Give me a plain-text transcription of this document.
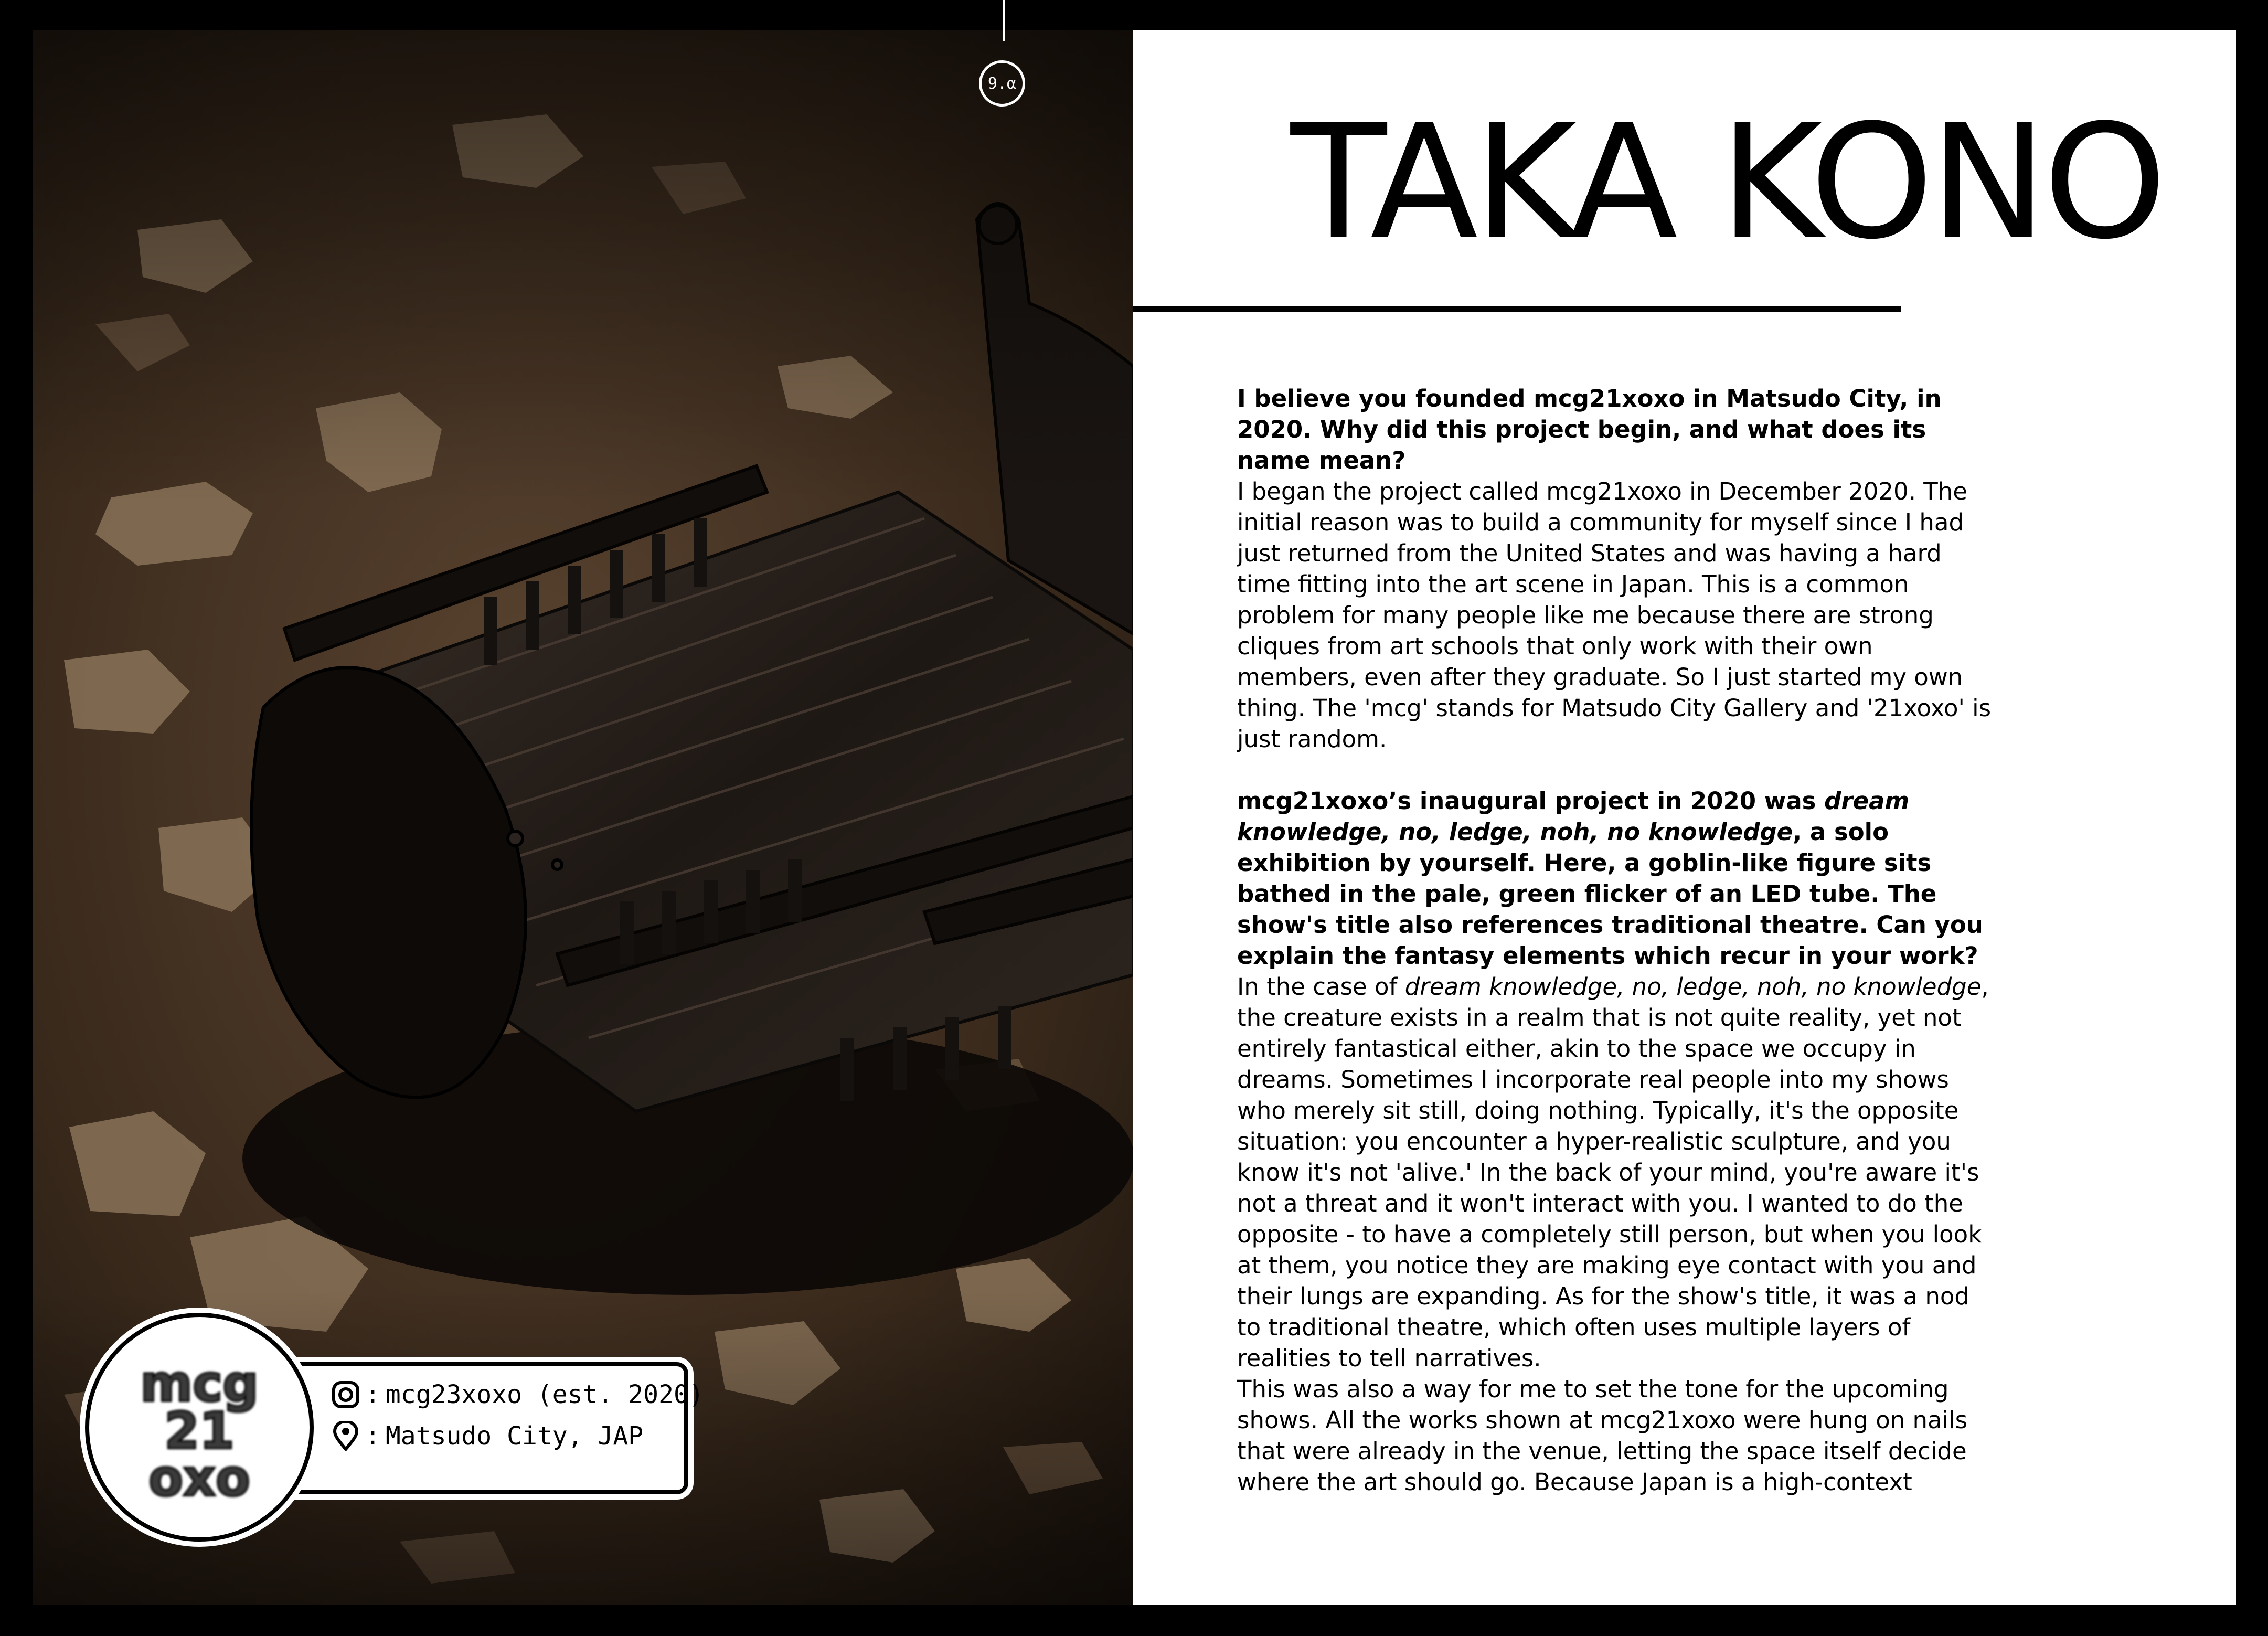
TAKA KONO

I believe you founded mcg21xoxo in Matsudo City, in 2020. Why did this project begin, and what does its name mean?

I began the project called mcg21xoxo in December 2020. The initial reason was to build a community for myself since I had just returned from the United States and was having a hard time fitting into the art scene in Japan. This is a common problem for many people like me because there are strong cliques from art schools that only work with their own members, even after they graduate. So I just started my own thing. The 'mcg' stands for Matsudo City Gallery and '21xoxo' is just random.

mcg21xoxo’s inaugural project in 2020 was dream knowledge, no, ledge, noh, no knowledge, a solo exhibition by yourself. Here, a goblin-like figure sits bathed in the pale, green flicker of an LED tube. The show's title also references traditional theatre. Can you explain the fantasy elements which recur in your work?

In the case of dream knowledge, no, ledge, noh, no knowledge, the creature exists in a realm that is not quite reality, yet not entirely fantastical either, akin to the space we occupy in dreams. Sometimes I incorporate real people into my shows who merely sit still, doing nothing. Typically, it's the opposite situation: you encounter a hyper-realistic sculpture, and you know it's not 'alive.' In the back of your mind, you're aware it's not a threat and it won't interact with you. I wanted to do the opposite - to have a completely still person, but when you look at them, you notice they are making eye contact with you and their lungs are expanding. As for the show's title, it was a nod to traditional theatre, which often uses multiple layers of realities to tell narratives.

This was also a way for me to set the tone for the upcoming shows. All the works shown at mcg21xoxo were hung on nails that were already in the venue, letting the space itself decide where the art should go. Because Japan is a high-context

9.α
: mcg23xoxo (est. 2020)
: Matsudo City, JAP
mcg
21
oxo
